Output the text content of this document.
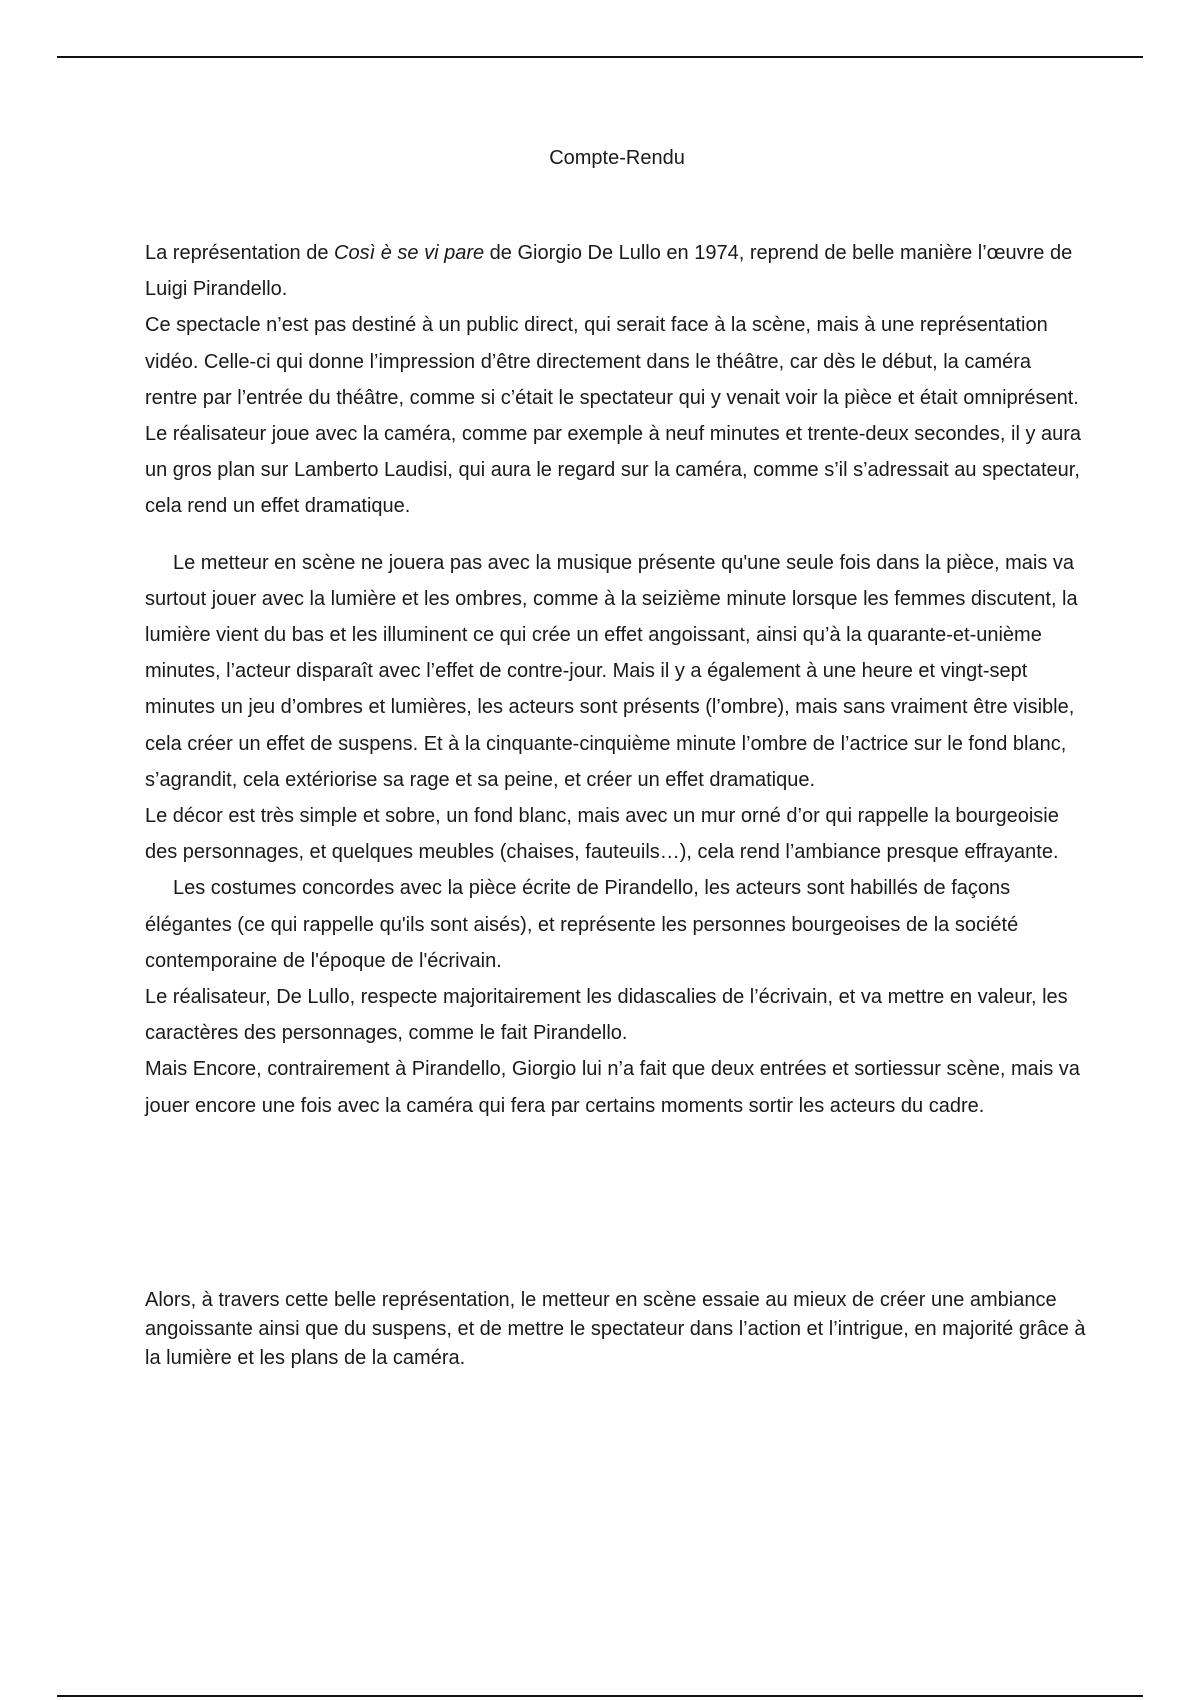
Compte-Rendu

La représentation de Così è se vi pare de Giorgio De Lullo en 1974, reprend de belle manière l’œuvre de Luigi Pirandello.

Ce spectacle n’est pas destiné à un public direct, qui serait face à la scène, mais à une représentation vidéo. Celle-ci qui donne l’impression d’être directement dans le théâtre, car dès le début, la caméra rentre par l’entrée du théâtre, comme si c’était le spectateur qui y venait voir la pièce et était omniprésent. Le réalisateur joue avec la caméra, comme par exemple à neuf minutes et trente-deux secondes, il y aura un gros plan sur Lamberto Laudisi, qui aura le regard sur la caméra, comme s’il s’adressait au spectateur, cela rend un effet dramatique.

Le metteur en scène ne jouera pas avec la musique présente qu'une seule fois dans la pièce, mais va surtout jouer avec la lumière et les ombres, comme à la seizième minute lorsque les femmes discutent, la lumière vient du bas et les illuminent ce qui crée un effet angoissant, ainsi qu’à la quarante-et-unième minutes, l’acteur disparaît avec l’effet de contre-jour. Mais il y a également à une heure et vingt-sept minutes un jeu d’ombres et lumières, les acteurs sont présents (l’ombre), mais sans vraiment être visible, cela créer un effet de suspens. Et à la cinquante-cinquième minute l’ombre de l’actrice sur le fond blanc, s’agrandit, cela extériorise sa rage et sa peine, et créer un effet dramatique.

Le décor est très simple et sobre, un fond blanc, mais avec un mur orné d’or qui rappelle la bourgeoisie des personnages, et quelques meubles (chaises, fauteuils…), cela rend l’ambiance presque effrayante.

Les costumes concordes avec la pièce écrite de Pirandello, les acteurs sont habillés de façons élégantes (ce qui rappelle qu'ils sont aisés), et représente les personnes bourgeoises de la société contemporaine de l'époque de l'écrivain.

Le réalisateur, De Lullo, respecte majoritairement les didascalies de l’écrivain, et va mettre en valeur, les caractères des personnages, comme le fait Pirandello.

Mais Encore, contrairement à Pirandello, Giorgio lui n’a fait que deux entrées et sortiessur scène, mais va jouer encore une fois avec la caméra qui fera par certains moments sortir les acteurs du cadre.

Alors, à travers cette belle représentation, le metteur en scène essaie au mieux de créer une ambiance angoissante ainsi que du suspens, et de mettre le spectateur dans l’action et l’intrigue, en majorité grâce à la lumière et les plans de la caméra.
